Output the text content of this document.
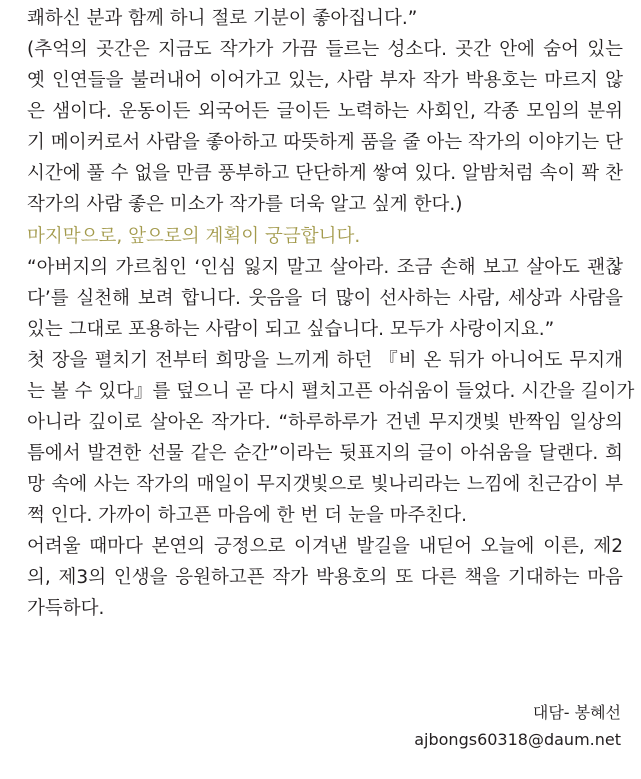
쾌하신 분과 함께 하니 절로 기분이 좋아집니다.”
(추억의 곳간은 지금도 작가가 가끔 들르는 성소다. 곳간 안에 숨어 있는
옛 인연들을 불러내어 이어가고 있는, 사람 부자 작가 박용호는 마르지 않
은 샘이다. 운동이든 외국어든 글이든 노력하는 사회인, 각종 모임의 분위
기 메이커로서 사람을 좋아하고 따뜻하게 품을 줄 아는 작가의 이야기는 단
시간에 풀 수 없을 만큼 풍부하고 단단하게 쌓여 있다. 알밤처럼 속이 꽉 찬
작가의 사람 좋은 미소가 작가를 더욱 알고 싶게 한다.)
마지막으로, 앞으로의 계획이 궁금합니다.
“아버지의 가르침인 ‘인심 잃지 말고 살아라. 조금 손해 보고 살아도 괜찮
다’를 실천해 보려 합니다. 웃음을 더 많이 선사하는 사람, 세상과 사람을
있는 그대로 포용하는 사람이 되고 싶습니다. 모두가 사랑이지요.”
첫 장을 펼치기 전부터 희망을 느끼게 하던 『비 온 뒤가 아니어도 무지개
는 볼 수 있다』를 덮으니 곧 다시 펼치고픈 아쉬움이 들었다. 시간을 길이가
아니라 깊이로 살아온 작가다. “하루하루가 건넨 무지갯빛 반짝임 일상의
틈에서 발견한 선물 같은 순간”이라는 뒷표지의 글이 아쉬움을 달랜다. 희
망 속에 사는 작가의 매일이 무지갯빛으로 빛나리라는 느낌에 친근감이 부
쩍 인다. 가까이 하고픈 마음에 한 번 더 눈을 마주친다.
어려울 때마다 본연의 긍정으로 이겨낸 발길을 내딛어 오늘에 이른, 제2
의, 제3의 인생을 응원하고픈 작가 박용호의 또 다른 책을 기대하는 마음
가득하다.
대담- 봉혜선
ajbongs60318@daum.net
